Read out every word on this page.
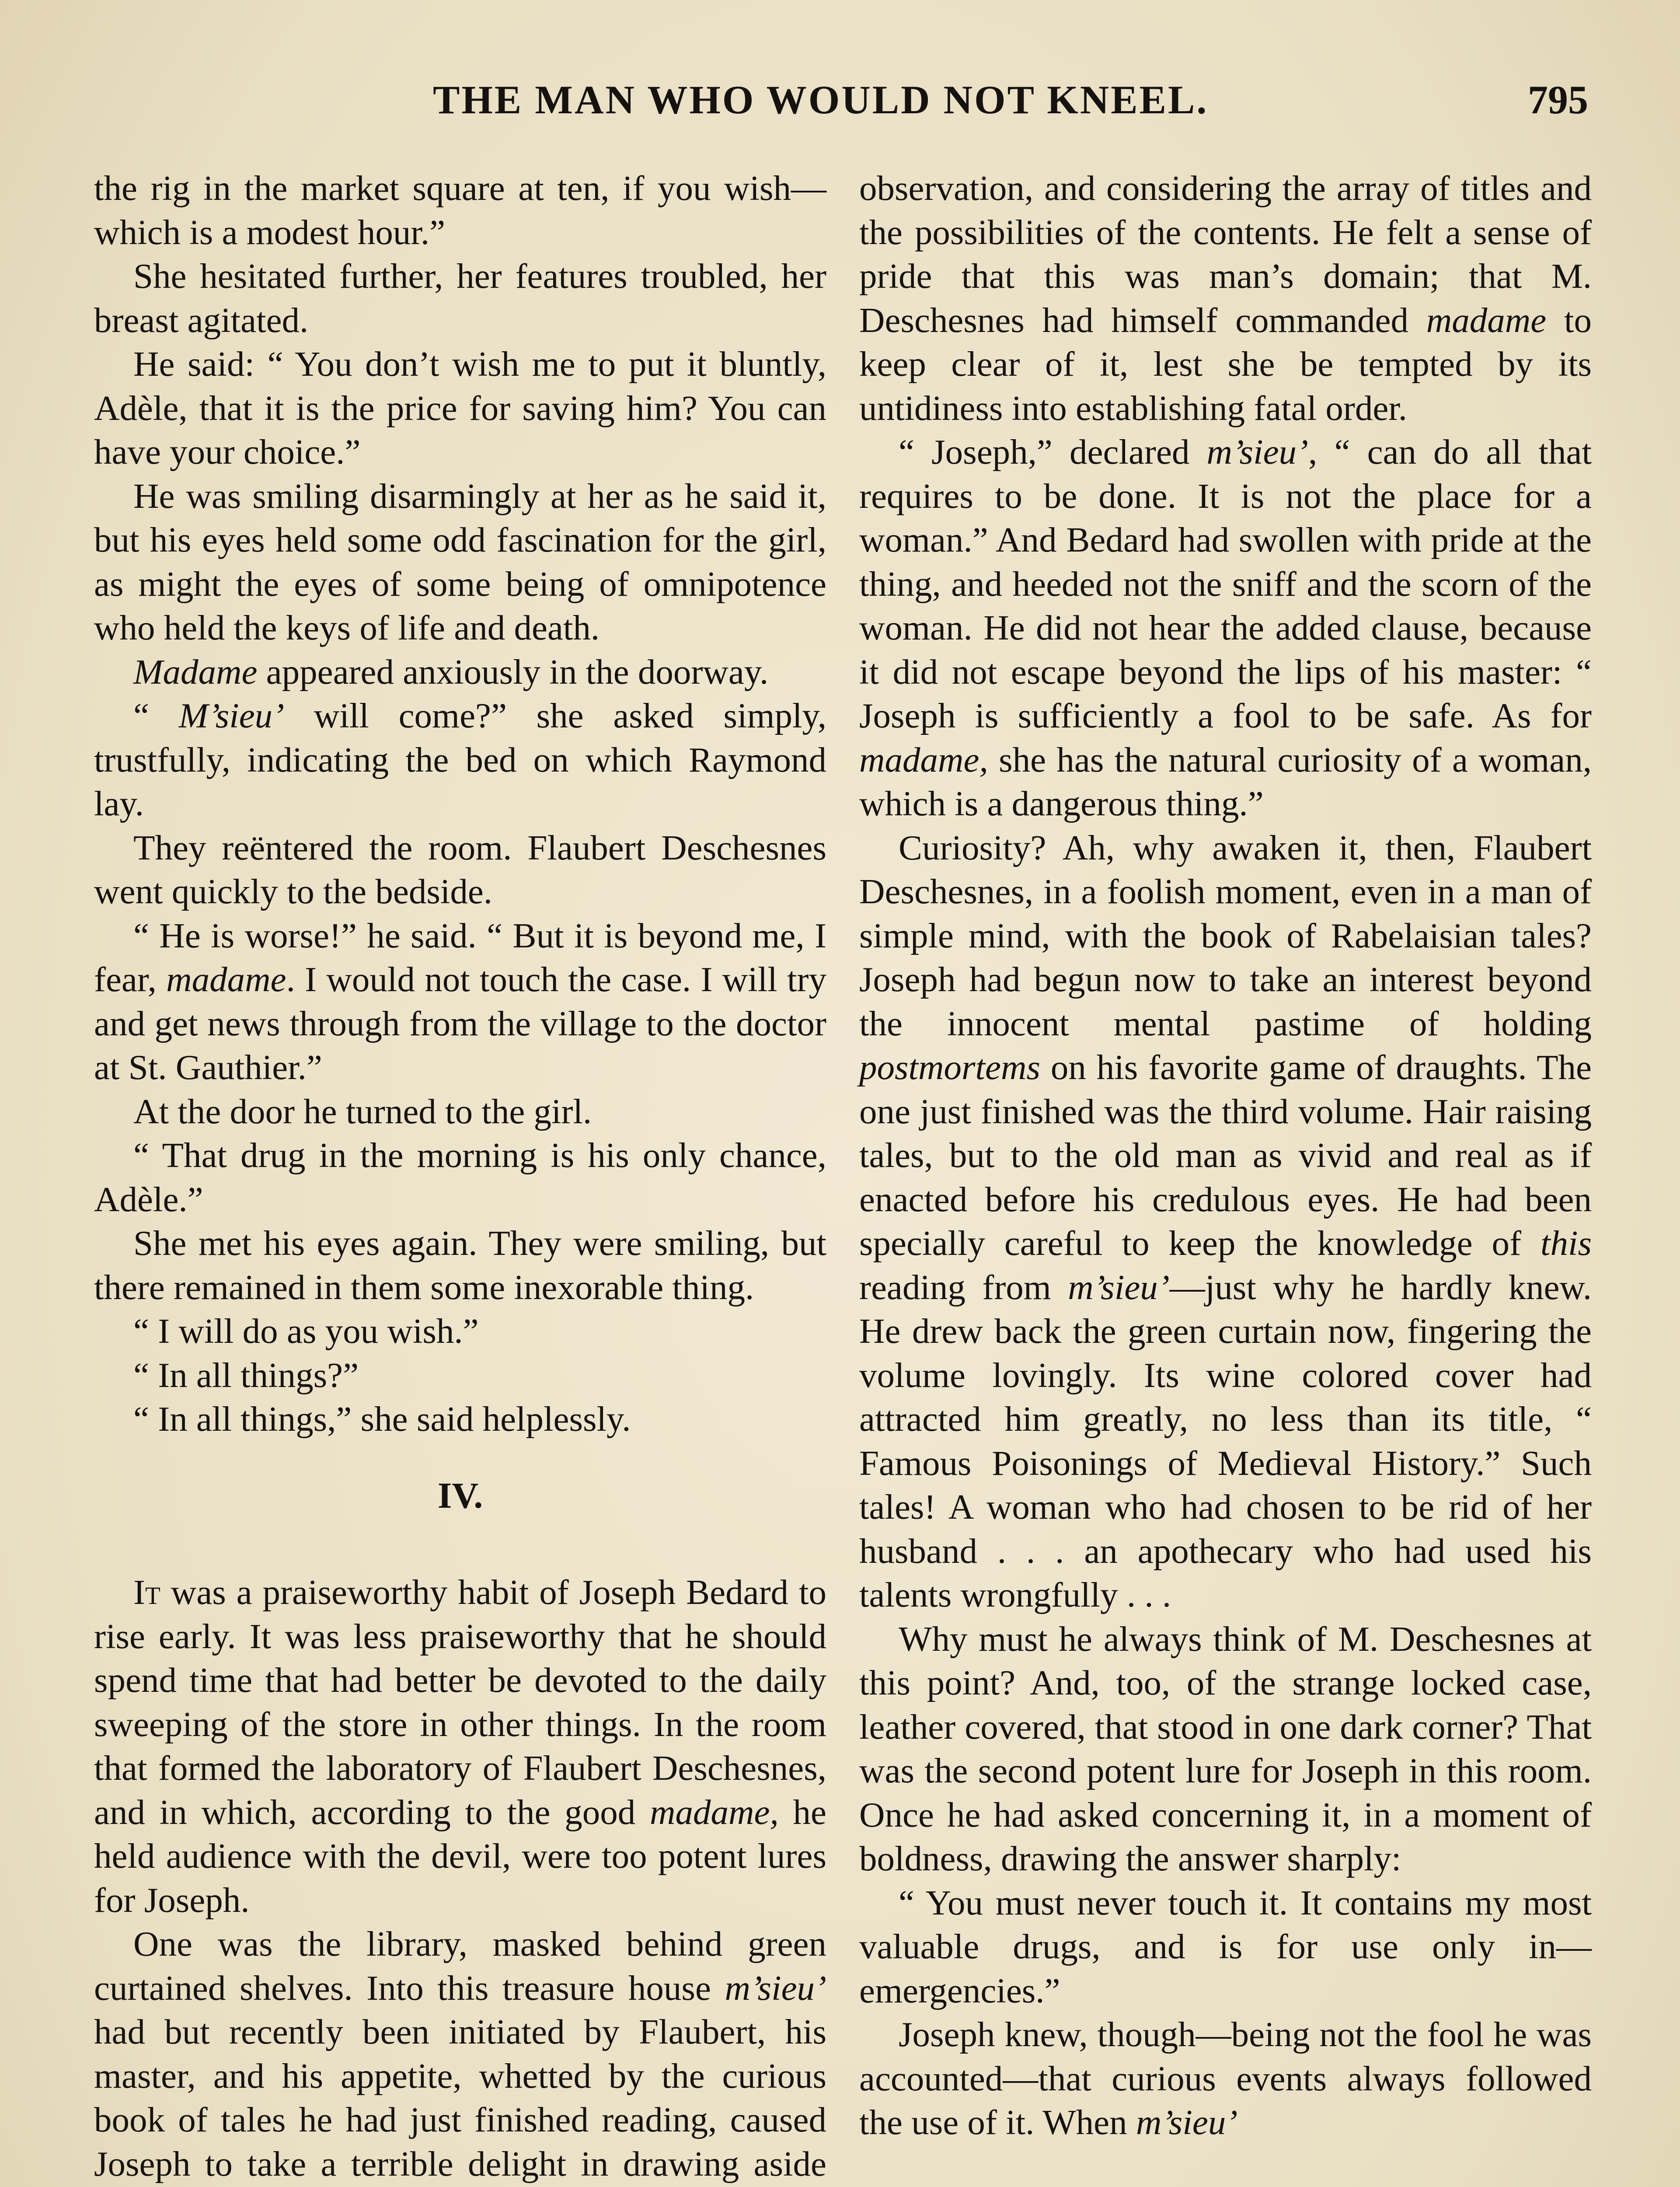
THE MAN WHO WOULD NOT KNEEL.	795

the rig in the market square at ten, if you wish—which is a modest hour.”

She hesitated further, her features troubled, her breast agitated.

He said: “ You don’t wish me to put it bluntly, Adèle, that it is the price for saving him? You can have your choice.”

He was smiling disarmingly at her as he said it, but his eyes held some odd fascination for the girl, as might the eyes of some being of omnipotence who held the keys of life and death.

Madame appeared anxiously in the doorway.

“ M’sieu’ will come?” she asked simply, trustfully, indicating the bed on which Raymond lay.

They reëntered the room. Flaubert Deschesnes went quickly to the bedside.

“ He is worse!” he said. “ But it is beyond me, I fear, madame. I would not touch the case. I will try and get news through from the village to the doctor at St. Gauthier.”

At the door he turned to the girl.

“ That drug in the morning is his only chance, Adèle.”

She met his eyes again. They were smiling, but there remained in them some inexorable thing.

“ I will do as you wish.”

“ In all things?”

“ In all things,” she said helplessly.

IV.

It was a praiseworthy habit of Joseph Bedard to rise early. It was less praiseworthy that he should spend time that had better be devoted to the daily sweeping of the store in other things. In the room that formed the laboratory of Flaubert Deschesnes, and in which, according to the good madame, he held audience with the devil, were too potent lures for Joseph.

One was the library, masked behind green curtained shelves. Into this treasure house m’sieu’ had but recently been initiated by Flaubert, his master, and his appetite, whetted by the curious book of tales he had just finished reading, caused Joseph to take a terrible delight in drawing aside

observation, and considering the array of titles and the possibilities of the contents. He felt a sense of pride that this was man’s domain; that M. Deschesnes had himself commanded madame to keep clear of it, lest she be tempted by its untidiness into establishing fatal order.

“ Joseph,” declared m’sieu’, “ can do all that requires to be done. It is not the place for a woman.” And Bedard had swollen with pride at the thing, and heeded not the sniff and the scorn of the woman. He did not hear the added clause, because it did not escape beyond the lips of his master: “ Joseph is sufficiently a fool to be safe. As for madame, she has the natural curiosity of a woman, which is a dangerous thing.”

Curiosity? Ah, why awaken it, then, Flaubert Deschesnes, in a foolish moment, even in a man of simple mind, with the book of Rabelaisian tales? Joseph had begun now to take an interest beyond the innocent mental pastime of holding postmortems on his favorite game of draughts. The one just finished was the third volume. Hair raising tales, but to the old man as vivid and real as if enacted before his credulous eyes. He had been specially careful to keep the knowledge of this reading from m’sieu’—just why he hardly knew. He drew back the green curtain now, fingering the volume lovingly. Its wine colored cover had attracted him greatly, no less than its title, “ Famous Poisonings of Medieval History.” Such tales! A woman who had chosen to be rid of her husband . . . an apothecary who had used his talents wrongfully . . .

Why must he always think of M. Deschesnes at this point? And, too, of the strange locked case, leather covered, that stood in one dark corner? That was the second potent lure for Joseph in this room. Once he had asked concerning it, in a moment of boldness, drawing the answer sharply:

“ You must never touch it. It contains my most valuable drugs, and is for use only in—emergencies.”

Joseph knew, though—being not the fool he was accounted—that curious events always followed the use of it. When m’sieu’
